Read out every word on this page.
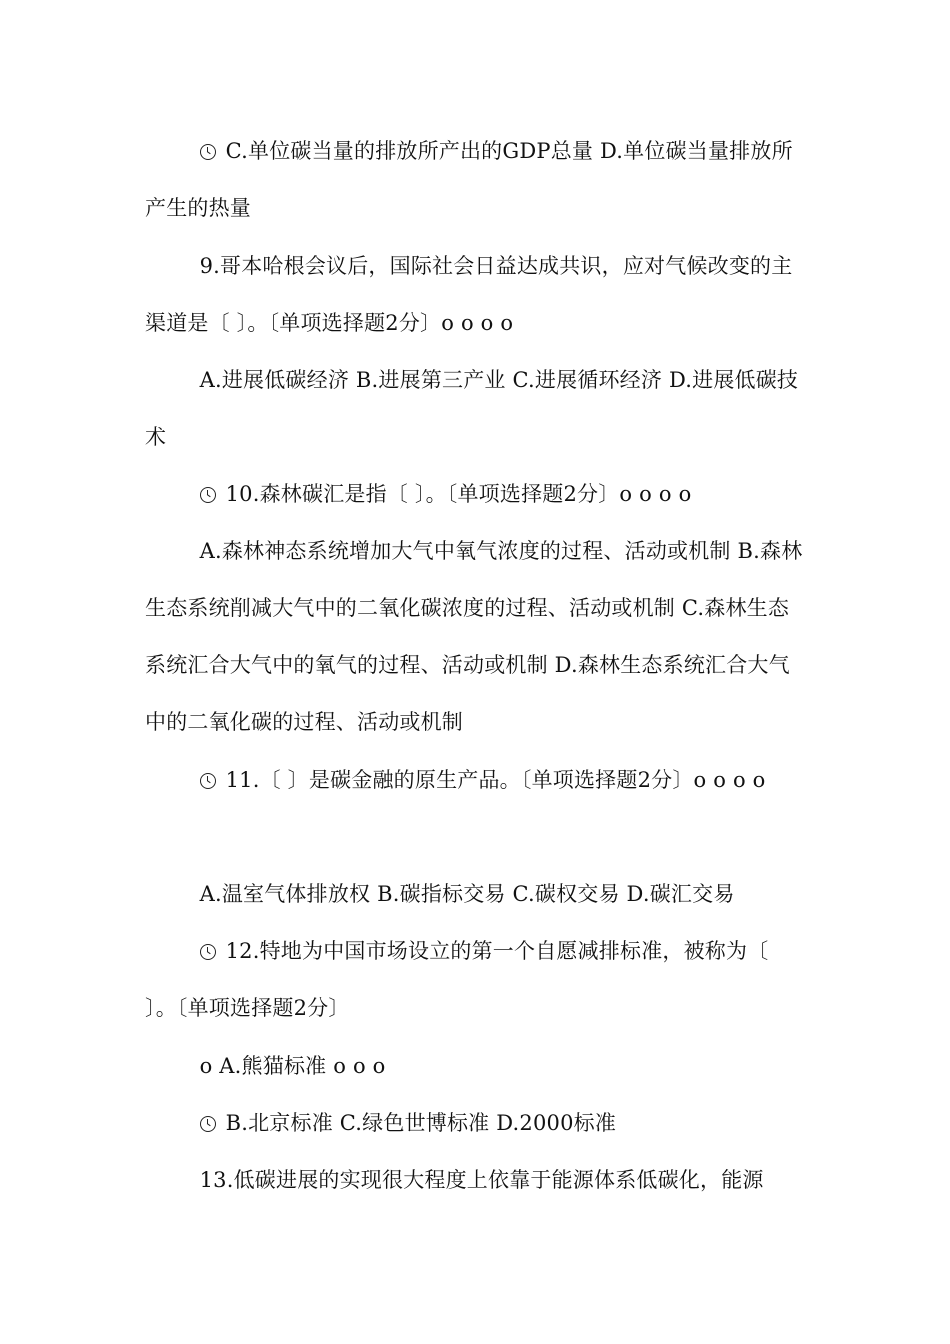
C.单位碳当量的排放所产出的GDP总量 D.单位碳当量排放所产生的热量

9.哥本哈根会议后，国际社会日益达成共识，应对气候改变的主渠道是〔 〕。〔单项选择题2分〕o o o o

A.进展低碳经济 B.进展第三产业 C.进展循环经济 D.进展低碳技术

10.森林碳汇是指〔 〕。〔单项选择题2分〕o o o o

A.森林神态系统增加大气中氧气浓度的过程、活动或机制 B.森林生态系统削减大气中的二氧化碳浓度的过程、活动或机制 C.森林生态系统汇合大气中的氧气的过程、活动或机制 D.森林生态系统汇合大气中的二氧化碳的过程、活动或机制

11.〔 〕是碳金融的原生产品。〔单项选择题2分〕o o o o

A.温室气体排放权 B.碳指标交易 C.碳权交易 D.碳汇交易

12.特地为中国市场设立的第一个自愿减排标准，被称为〔 〕。〔单项选择题2分〕

o A.熊猫标准 o o o

B.北京标准 C.绿色世博标准 D.2000标准

13.低碳进展的实现很大程度上依靠于能源体系低碳化，能源
